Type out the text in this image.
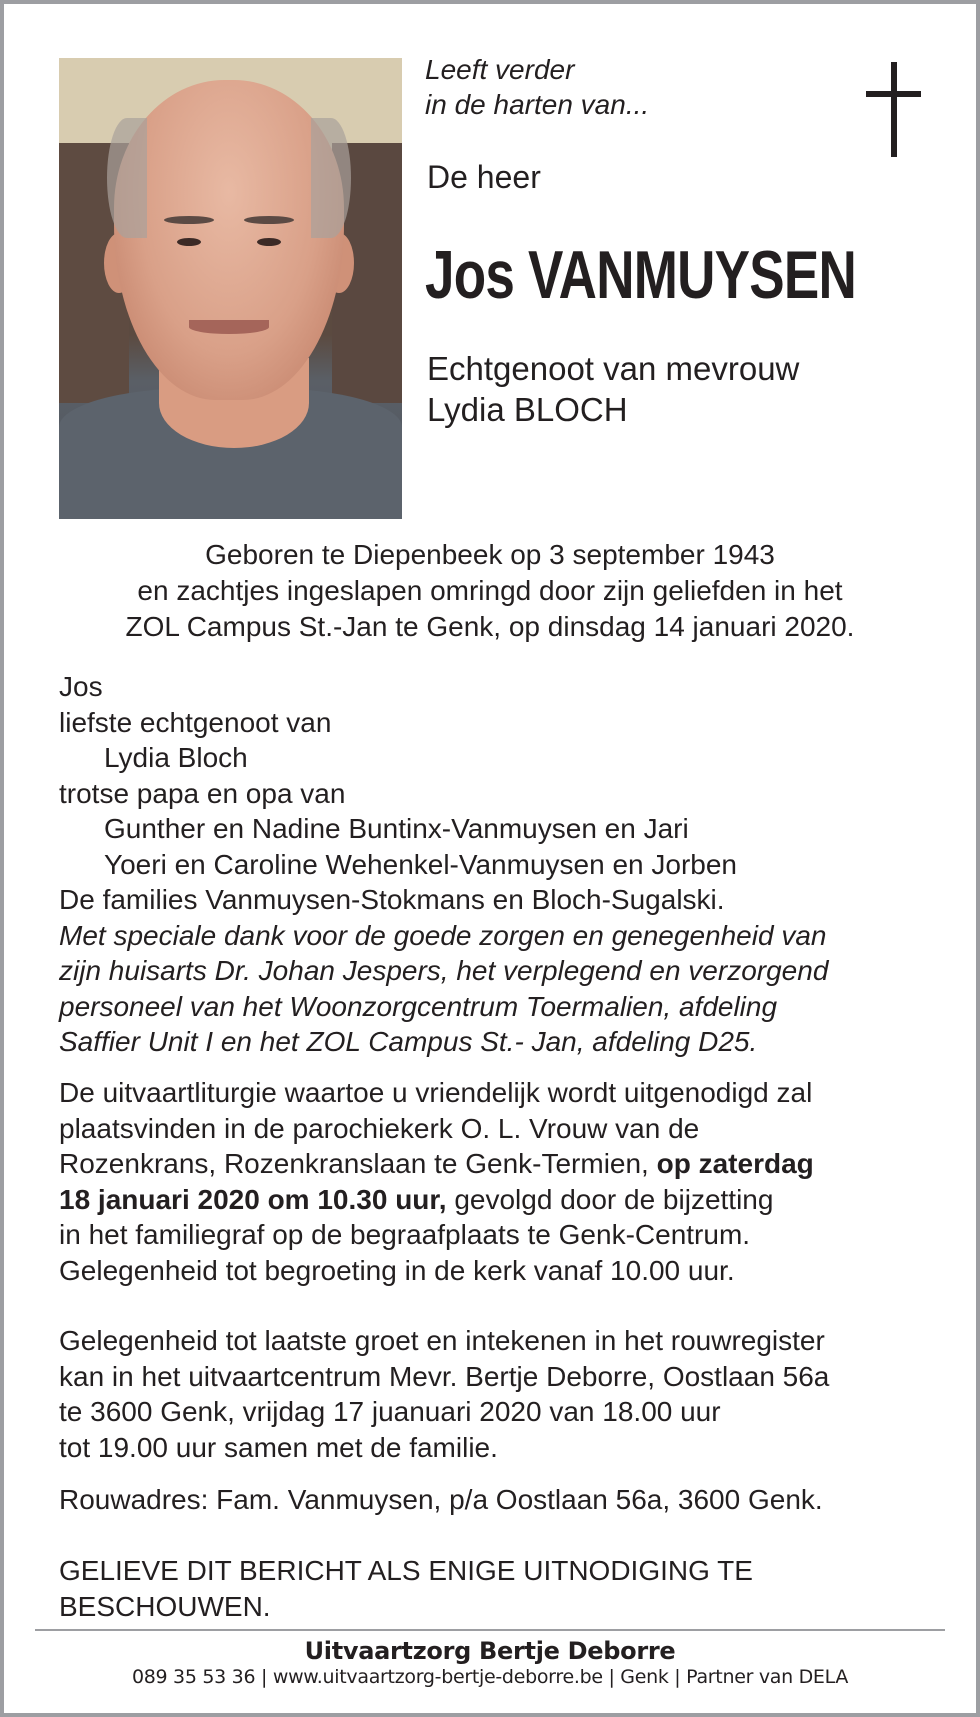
Leeft verder
in de harten van...
De heer
Jos VANMUYSEN
Echtgenoot van mevrouw
Lydia BLOCH
Geboren te Diepenbeek op 3 september 1943
en zachtjes ingeslapen omringd door zijn geliefden in het
ZOL Campus St.-Jan te Genk, op dinsdag 14 januari 2020.
Jos
liefste echtgenoot van
Lydia Bloch
trotse papa en opa van
Gunther en Nadine Buntinx-Vanmuysen en Jari
Yoeri en Caroline Wehenkel-Vanmuysen en Jorben
De families Vanmuysen-Stokmans en Bloch-Sugalski.
Met speciale dank voor de goede zorgen en genegenheid van
zijn huisarts Dr. Johan Jespers, het verplegend en verzorgend
personeel van het Woonzorgcentrum Toermalien, afdeling
Saffier Unit I en het ZOL Campus St.- Jan, afdeling D25.
De uitvaartliturgie waartoe u vriendelijk wordt uitgenodigd zal
plaatsvinden in de parochiekerk O. L. Vrouw van de
Rozenkrans, Rozenkranslaan te Genk-Termien, op zaterdag
18 januari 2020 om 10.30 uur, gevolgd door de bijzetting
in het familiegraf op de begraafplaats te Genk-Centrum.
Gelegenheid tot begroeting in de kerk vanaf 10.00 uur.
Gelegenheid tot laatste groet en intekenen in het rouwregister
kan in het uitvaartcentrum Mevr. Bertje Deborre, Oostlaan 56a
te 3600 Genk, vrijdag 17 juanuari 2020 van 18.00 uur
tot 19.00 uur samen met de familie.
Rouwadres: Fam. Vanmuysen, p/a Oostlaan 56a, 3600 Genk.
GELIEVE DIT BERICHT ALS ENIGE UITNODIGING TE
BESCHOUWEN.
Uitvaartzorg Bertje Deborre
089 35 53 36 | www.uitvaartzorg-bertje-deborre.be | Genk | Partner van DELA
